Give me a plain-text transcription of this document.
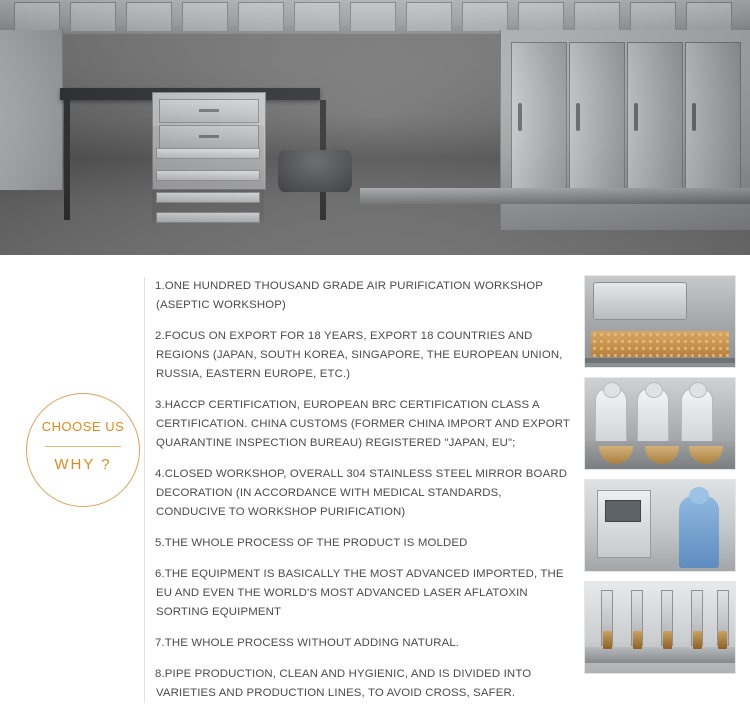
CHOOSE US
WHY ?
1.ONE HUNDRED THOUSAND GRADE AIR PURIFICATION WORKSHOP (ASEPTIC WORKSHOP)
2.FOCUS ON EXPORT FOR 18 YEARS, EXPORT 18 COUNTRIES AND REGIONS (JAPAN, SOUTH KOREA, SINGAPORE, THE EUROPEAN UNION, RUSSIA, EASTERN EUROPE, ETC.)
3.HACCP CERTIFICATION, EUROPEAN BRC CERTIFICATION CLASS A CERTIFICATION. CHINA CUSTOMS (FORMER CHINA IMPORT AND EXPORT QUARANTINE INSPECTION BUREAU) REGISTERED "JAPAN, EU";
4.CLOSED WORKSHOP, OVERALL 304 STAINLESS STEEL MIRROR BOARD DECORATION (IN ACCORDANCE WITH MEDICAL STANDARDS, CONDUCIVE TO WORKSHOP PURIFICATION)
5.THE WHOLE PROCESS OF THE PRODUCT IS MOLDED
6.THE EQUIPMENT IS BASICALLY THE MOST ADVANCED IMPORTED, THE EU AND EVEN THE WORLD'S MOST ADVANCED LASER AFLATOXIN SORTING EQUIPMENT
7.THE WHOLE PROCESS WITHOUT ADDING NATURAL.
8.PIPE PRODUCTION, CLEAN AND HYGIENIC, AND IS DIVIDED INTO VARIETIES AND PRODUCTION LINES, TO AVOID CROSS, SAFER.
